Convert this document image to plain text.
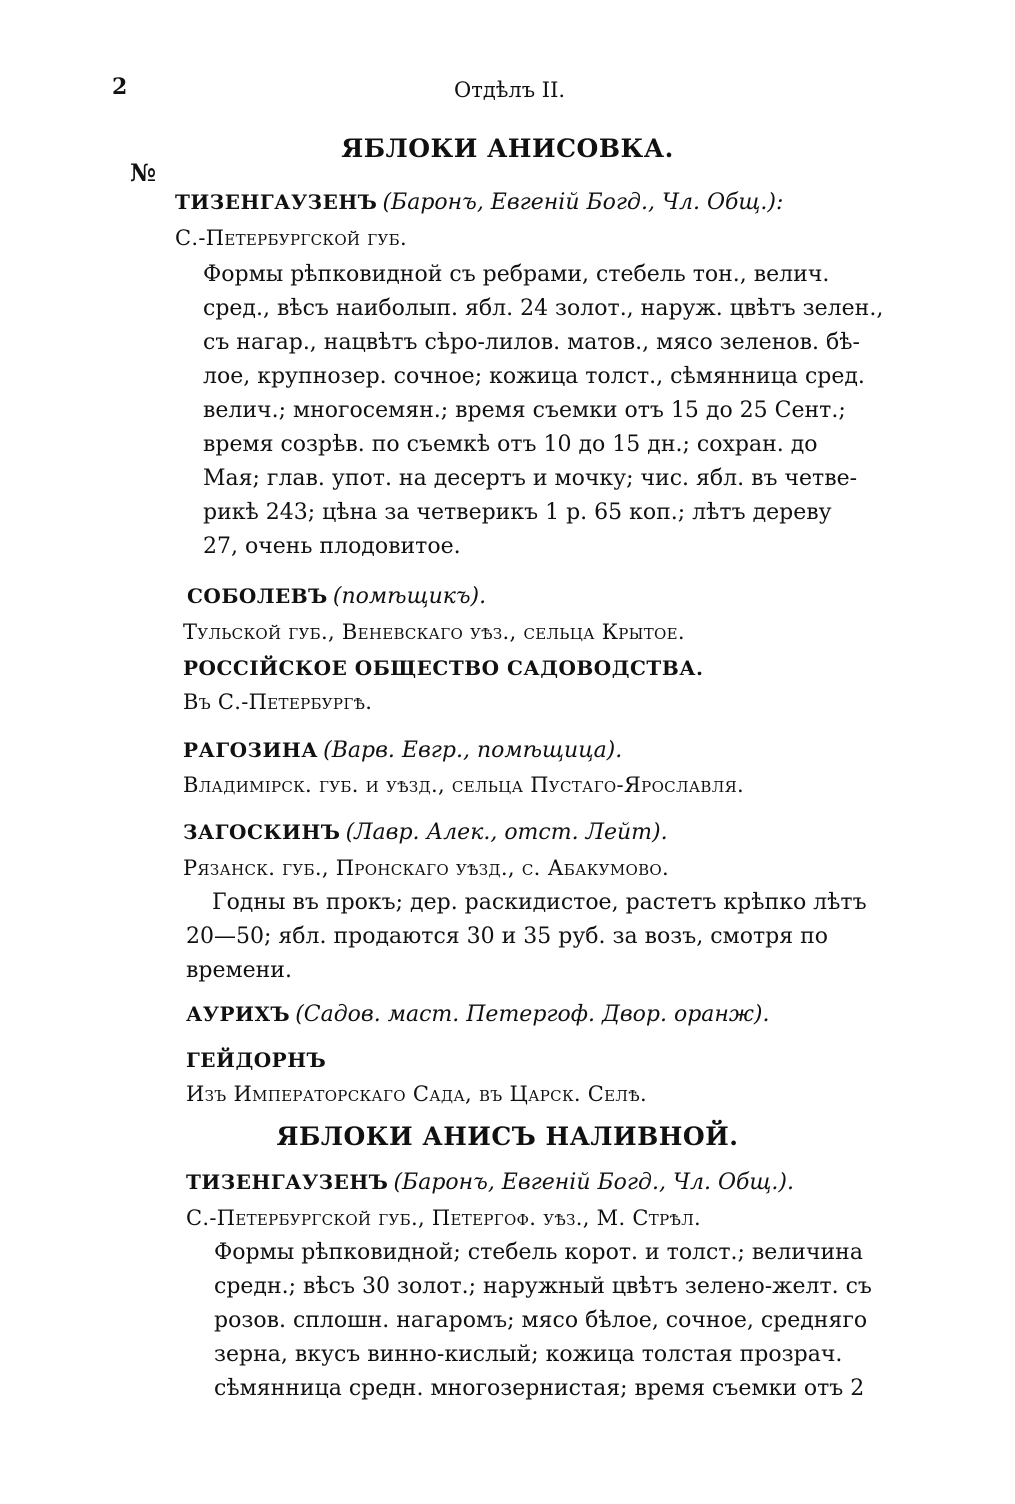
2	Отдѣлъ II.
ЯБЛОКИ АНИСОВКА.
№
ТИЗЕНГАУЗЕНЪ (Баронъ, Евгеній Богд., Чл. Общ.):
С.-Петербургской губ.
Формы рѣпковидной съ ребрами, стебель тон., велич.
сред., вѣсъ наиболып. ябл. 24 золот., наруж. цвѣтъ зелен.,
съ нагар., нацвѣтъ сѣро-лилов. матов., мясо зеленов. бѣ-
лое, крупнозер. сочное; кожица толст., сѣмянница сред.
велич.; многосемян.; время съемки отъ 15 до 25 Сент.;
время созрѣв. по съемкѣ отъ 10 до 15 дн.; сохран. до
Мая; глав. упот. на десертъ и мочку; чис. ябл. въ четве-
рикѣ 243; цѣна за четверикъ 1 р. 65 коп.; лѣтъ дереву
27, очень плодовитое.
СОБОЛЕВЪ (помѣщикъ).
Тульской губ., Веневскаго уѣз., сельца Крытое.
РОССІЙСКОЕ ОБЩЕСТВО САДОВОДСТВА.
Въ С.-Петербургѣ.
РАГОЗИНА (Варв. Евгр., помѣщица).
Владимірск. губ. и уѣзд., сельца Пустаго-Ярославля.
ЗАГОСКИНЪ (Лавр. Алек., отст. Лейт).
Рязанск. губ., Пронскаго уѣзд., с. Абакумово.
Годны въ прокъ; дер. раскидистое, растетъ крѣпко лѣтъ
20—50; ябл. продаются 30 и 35 руб. за возъ, смотря по
времени.
АУРИХЪ (Садов. маст. Петергоф. Двор. оранж).
ГЕЙДОРНЪ
Изъ Императорскаго Сада, въ Царск. Селѣ.
ЯБЛОКИ АНИСЪ НАЛИВНОЙ.
ТИЗЕНГАУЗЕНЪ (Баронъ, Евгеній Богд., Чл. Общ.).
С.-Петербургской губ., Петергоф. уѣз., М. Стрѣл.
Формы рѣпковидной; стебель корот. и толст.; величина
средн.; вѣсъ 30 золот.; наружный цвѣтъ зелено-желт. съ
розов. сплошн. нагаромъ; мясо бѣлое, сочное, средняго
зерна, вкусъ винно-кислый; кожица толстая прозрач.
сѣмянница средн. многозернистая; время съемки отъ 2
